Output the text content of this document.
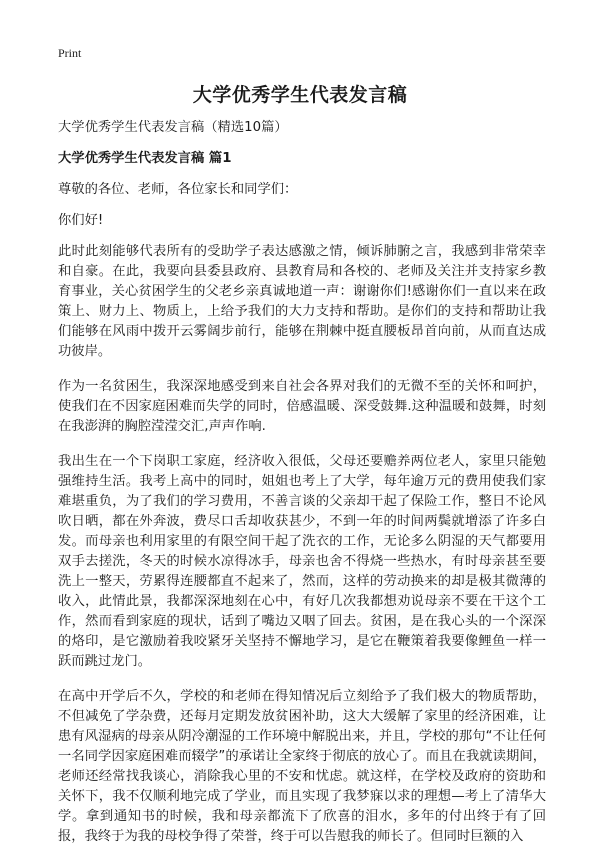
Print
大学优秀学生代表发言稿

大学优秀学生代表发言稿（精选10篇）

大学优秀学生代表发言稿 篇1

尊敬的各位、老师，各位家长和同学们：

你们好!

此时此刻能够代表所有的受助学子表达感激之情，倾诉肺腑之言，我感到非常荣幸和自豪。在此，我要向县委县政府、县教育局和各校的、老师及关注并支持家乡教育事业，关心贫困学生的父老乡亲真诚地道一声：谢谢你们!感谢你们一直以来在政策上、财力上、物质上，上给予我们的大力支持和帮助。是你们的支持和帮助让我们能够在风雨中拨开云雾阔步前行，能够在荆棘中挺直腰板昂首向前，从而直达成功彼岸。

作为一名贫困生，我深深地感受到来自社会各界对我们的无微不至的关怀和呵护，使我们在不因家庭困难而失学的同时，倍感温暖、深受鼓舞.这种温暖和鼓舞，时刻在我澎湃的胸腔滢滢交汇,声声作响.

我出生在一个下岗职工家庭，经济收入很低，父母还要赡养两位老人，家里只能勉强维持生活。我考上高中的同时，姐姐也考上了大学，每年逾万元的费用使我们家难堪重负，为了我们的学习费用，不善言谈的父亲却干起了保险工作，整日不论风吹日晒，都在外奔波，费尽口舌却收获甚少，不到一年的时间两鬓就增添了许多白发。而母亲也利用家里的有限空间干起了洗衣的工作，无论多么阴湿的天气都要用双手去搓洗，冬天的时候水凉得冰手，母亲也舍不得烧一些热水，有时母亲甚至要洗上一整天，劳累得连腰都直不起来了，然而，这样的劳动换来的却是极其微薄的收入，此情此景，我都深深地刻在心中，有好几次我都想劝说母亲不要在干这个工作，然而看到家庭的现状，话到了嘴边又咽了回去。贫困，是在我心头的一个深深的烙印，是它激励着我咬紧牙关坚持不懈地学习，是它在鞭策着我要像鲤鱼一样一跃而跳过龙门。

在高中开学后不久，学校的和老师在得知情况后立刻给予了我们极大的物质帮助，不但减免了学杂费，还每月定期发放贫困补助，这大大缓解了家里的经济困难，让患有风湿病的母亲从阴冷潮湿的工作环境中解脱出来，并且，学校的那句“不让任何一名同学因家庭困难而辍学”的承诺让全家终于彻底的放心了。而且在我就读期间，老师还经常找我谈心，消除我心里的不安和忧虑。就这样，在学校及政府的资助和关怀下，我不仅顺利地完成了学业，而且实现了我梦寐以求的理想—考上了清华大学。拿到通知书的时候，我和母亲都流下了欣喜的泪水，多年的付出终于有了回报，我终于为我的母校争得了荣誉，终于可以告慰我的师长了。但同时巨额的入
